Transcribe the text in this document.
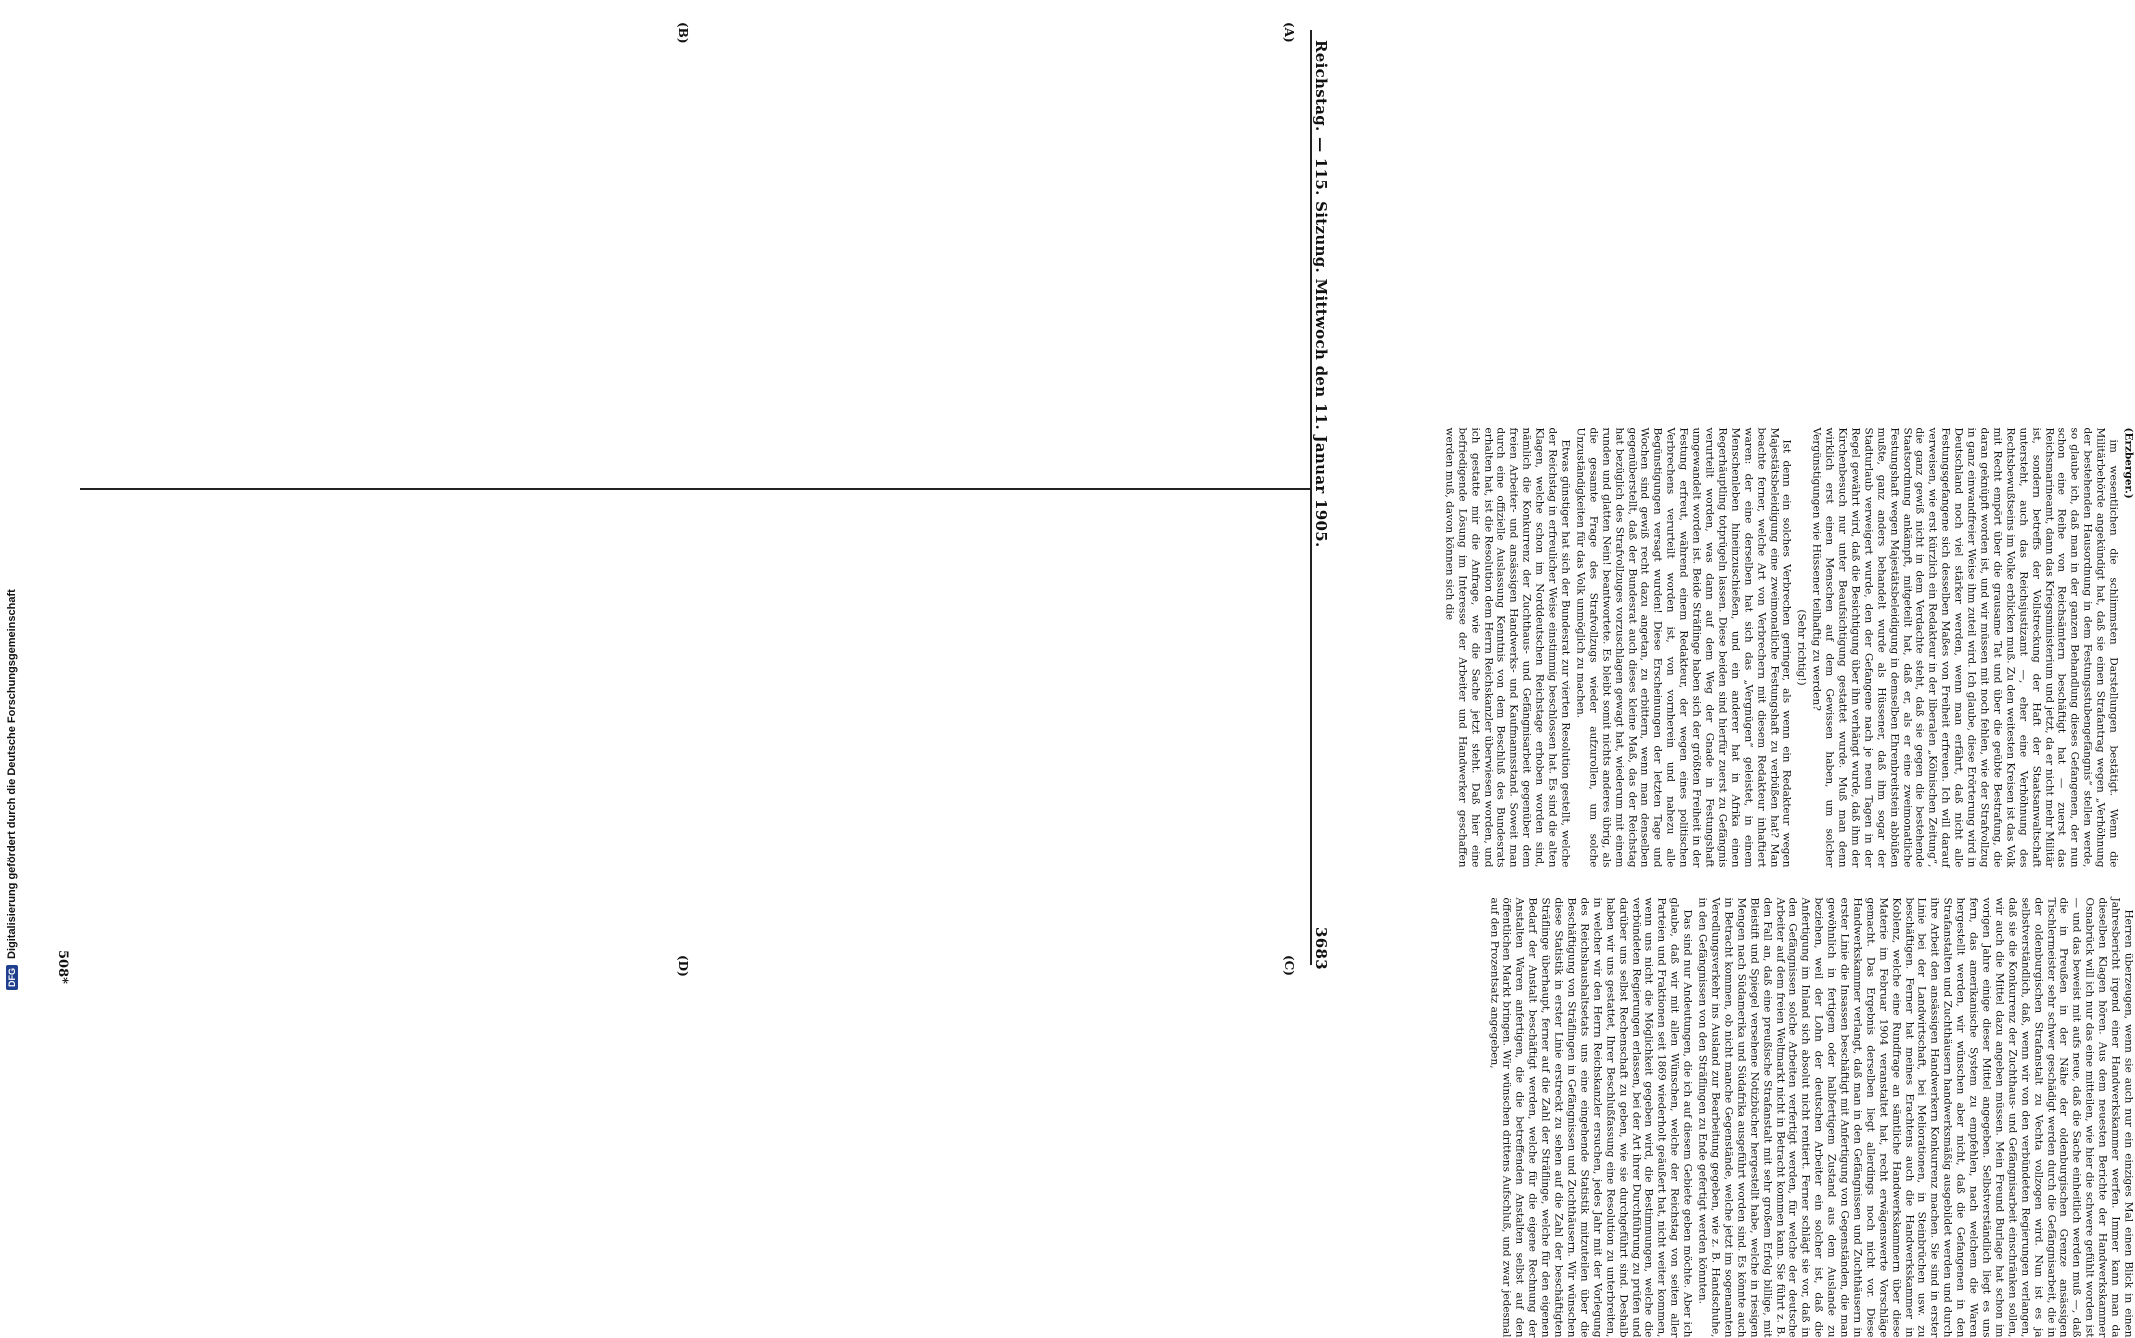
Reichstag. — 115. Sitzung. Mittwoch den 11. Januar 1905.
3683
(A)
(B)
(C)
(D)

(Erzberger.)

im wesentlichen die schlimmsten Darstellungen bestätigt. Wenn die Militärbehörde angekündigt hat, daß sie einen Strafantrag wegen „Verhöhnung der bestehenden Hausordnung in dem Festungsstubengefängnis“ stellen werde, so glaube ich, daß man in der ganzen Behandlung dieses Gefangenen, der nun schon eine Reihe von Reichsämtern beschäftigt hat — zuerst das Reichsmarineamt, dann das Kriegsministerium und jetzt, da er nicht mehr Militär ist, sondern betreffs der Vollstreckung der Haft der Staatsanwaltschaft untersteht, auch das Reichsjustizamt —, eher eine Verhöhnung des Rechtsbewußtseins im Volke erblicken muß. Zu den weitesten Kreisen ist das Volk mit Recht empört über die grausame Tat und über die geübte Bestrafung, die daran geknüpft worden ist, und wir müssen mit noch fehlen, wie der Strafvollzug in ganz einwandfreier Weise ihm zuteil wird. Ich glaube, diese Erörterung wird in Deutschland noch viel stärker werden, wenn man erfährt, daß nicht alle Festungsgefangene sich desselben Maßes von Freiheit erfreuen. Ich will darauf verweisen, wie erst kürzlich ein Redakteur in der liberalen „Kölnischen Zeitung“, die ganz gewiß nicht in dem Verdachte steht, daß sie gegen die bestehende Staatsordnung ankämpft, mitgeteilt hat, daß er, als er eine zweimonatliche Festungshaft wegen Majestätsbeleidigung in demselben Ehrenbreitstein abbüßen mußte, ganz anders behandelt wurde als Hüssener, daß ihm sogar der Stadturlaub verweigert wurde, den der Gefangene nach je neun Tagen in der Regel gewährt wird, daß die Besichtigung über ihn verhängt wurde, daß ihm der Kirchenbesuch nur unter Beaufsichtigung gestattet wurde. Muß man denn wirklich erst einen Menschen auf dem Gewissen haben, um solcher Vergünstigungen wie Hüssener teilhaftig zu werden?

(Sehr richtig!)

Ist denn ein solches Verbrechen geringer, als wenn ein Redakteur wegen Majestätsbeleidigung eine zweimonatliche Festungshaft zu verbüßen hat? Man beachte ferner, welche Art von Verbrechern mit diesem Redakteur inhaftiert waren: der eine derselben hat sich das „Vergnügen“ geleistet, in einem Menschenleben hineinzuschießen, und ein anderer hat in Afrika einen Regerhäuptling totprügeln lassen. Diese beiden sind hierfür zuerst zu Gefängnis verurteilt worden, was dann auf dem Weg der Gnade in Festungshaft umgewandelt worden ist. Beide Sträflinge haben sich der größten Freiheit in der Festung erfreut, während einem Redakteur, der wegen eines politischen Verbrechens verurteilt worden ist, von vornherein und nahezu alle Begünstigungen versagt wurden! Diese Erscheinungen der letzten Tage und Wochen sind gewiß recht dazu angetan, zu erbittern, wenn man denselben gegenüberstellt, daß der Bundesrat auch dieses kleine Maß, das der Reichstag hat bezüglich des Strafvollzuges vorzuschlagen gewagt hat, wiederum mit einem runden und glatten Nein! beantwortete. Es bleibt somit nichts anderes übrig, als die gesamte Frage des Strafvollzugs wieder aufzurollen, um solche Unzuständigkeiten für das Volk unmöglich zu machen.

Etwas günstiger hat sich der Bundesrat zur vierten Resolution gestellt, welche der Reichstag in erfreulicher Weise einstimmig beschlossen hat. Es sind die alten Klagen, welche schon im Norddeutschen Reichstage erhoben worden sind, nämlich die Konkurrenz der Zuchthaus- und Gefängnisarbeit gegenüber dem freien Arbeiter- und ansässigen Handwerks- und Kaufmannsstand. Soweit man durch eine offizielle Auslassung Kenntnis von dem Beschluß des Bundesrats erhalten hat, ist die Resolution dem Herrn Reichskanzler überwiesen worden, und ich gestatte mir die Anfrage, wie die Sache jetzt steht. Daß hier eine befriedigende Lösung im Interesse der Arbeiter und Handwerker geschaffen werden muß, davon können sich die

Herren überzeugen, wenn sie auch nur ein einziges Mal einen Blick in einen Jahresbericht irgend einer Handwerkskammer werfen. Immer kann man da dieselben Klagen hören. Aus dem neuesten Berichte der Handwerkskammer Osnabrück will ich nur das eine mitteilen, wie hier die schwere gefühlt worden ist — und das beweist mit aufs neue, daß die Sache einheitlich werden muß —, daß die in Preußen in der Nähe der oldenburgischen Grenze ansässigen Tischlermeister sehr schwer geschädigt werden durch die Gefängnisarbeit, die in der oldenburgischen Strafanstalt zu Vechta vollzogen wird. Nun ist es ja selbstverständlich, daß, wenn wir von den verbündeten Regierungen verlangen, daß sie die Konkurrenz der Zuchthaus- und Gefängnisarbeit einschränken sollen, wir auch die Mittel dazu angeben müssen. Mein Freund Burlage hat schon im vorigen Jahre einige dieser Mittel angegeben. Selbstverständlich liegt es uns fern, das amerikanische System zu empfehlen, nach welchem die Waren hergestellt werden, wir wünschen aber nicht, daß die Gefangenen in den Strafanstalten und Zuchthäusern handwerksmäßig ausgebildet werden und durch ihre Arbeit den ansässigen Handwerkern Konkurrenz machen. Sie sind in erster Linie bei der Landwirtschaft, bei Meliorationen, in Steinbrüchen usw. zu beschäftigen. Ferner hat meines Erachtens auch die Handwerkskammer in Koblenz, welche eine Rundfrage an sämtliche Handwerkskammern über diese Materie im Februar 1904 veranstaltet hat, recht erwägenswerte Vorschläge gemacht. Das Ergebnis derselben liegt allerdings noch nicht vor. Diese Handwerkskammer verlangt, daß man in den Gefängnissen und Zuchthäusern in erster Linie die Insassen beschäftigt mit Anfertigung von Gegenständen, die man gewöhnlich in fertigem oder halbfertigem Zustand aus dem Auslande zu beziehen, weil der Lohn der deutschen Arbeiter ein solcher ist, daß die Anfertigung im Inland sich absolut nicht rentiert. Ferner schlägt sie vor, daß in den Gefängnissen solche Arbeiten verfertigt werden, für welche der deutsche Arbeiter auf dem freien Weltmarkt nicht in Betracht kommen kann. Sie führt z. B. den Fall an, daß eine preußische Strafanstalt mit sehr großem Erfolg billige, mit Bleistift und Spiegel versehene Notizbücher hergestellt habe, welche in riesigen Mengen nach Südamerika und Südafrika ausgeführt worden sind. Es könnte auch in Betracht kommen, ob nicht manche Gegenstände, welche jetzt im sogenannten Veredlungsverkehr ins Ausland zur Bearbeitung gegeben, wie z. B. Handschuhe, in den Gefängnissen von den Sträflingen zu Ende gefertigt werden könnten.

Das sind nur Andeutungen, die ich auf diesem Gebiete geben möchte. Aber ich glaube, daß wir mit allen Wünschen, welche der Reichstag von seiten aller Parteien und Fraktionen seit 1869 wiederholt geäußert hat, nicht weiter kommen, wenn uns nicht die Möglichkeit gegeben wird, die Bestimmungen, welche die verbündeten Regierungen erlassen, bei der Art ihrer Durchführung zu prüfen und darüber uns selbst Rechenschaft zu geben, wie sie durchgeführt sind. Deshalb haben wir uns gestattet, Ihrer Beschlußfassung eine Resolution zu unterbreiten, in welcher wir den Herrn Reichskanzler ersuchen, jedes Jahr mit der Vorlegung des Reichshaushaltsetats uns eine eingehende Statistik mitzuteilen über die Beschäftigung von Sträflingen in Gefängnissen und Zuchthäusern. Wir wünschen diese Statistik in erster Linie erstreckt zu sehen auf die Zahl der beschäftigten Sträflinge überhaupt, ferner auf die Zahl der Sträflinge, welche für den eigenen Bedarf der Anstalt beschäftigt werden, welche für die eigene Rechnung der Anstalten Waren anfertigen, die die betreffenden Anstalten selbst auf den öffentlichen Markt bringen. Wir wünschen drittens Aufschluß, und zwar jedesmal auf den Prozentsatz angegeben,

508*
DFG
Digitalisierung gefördert durch die Deutsche Forschungsgemeinschaft
